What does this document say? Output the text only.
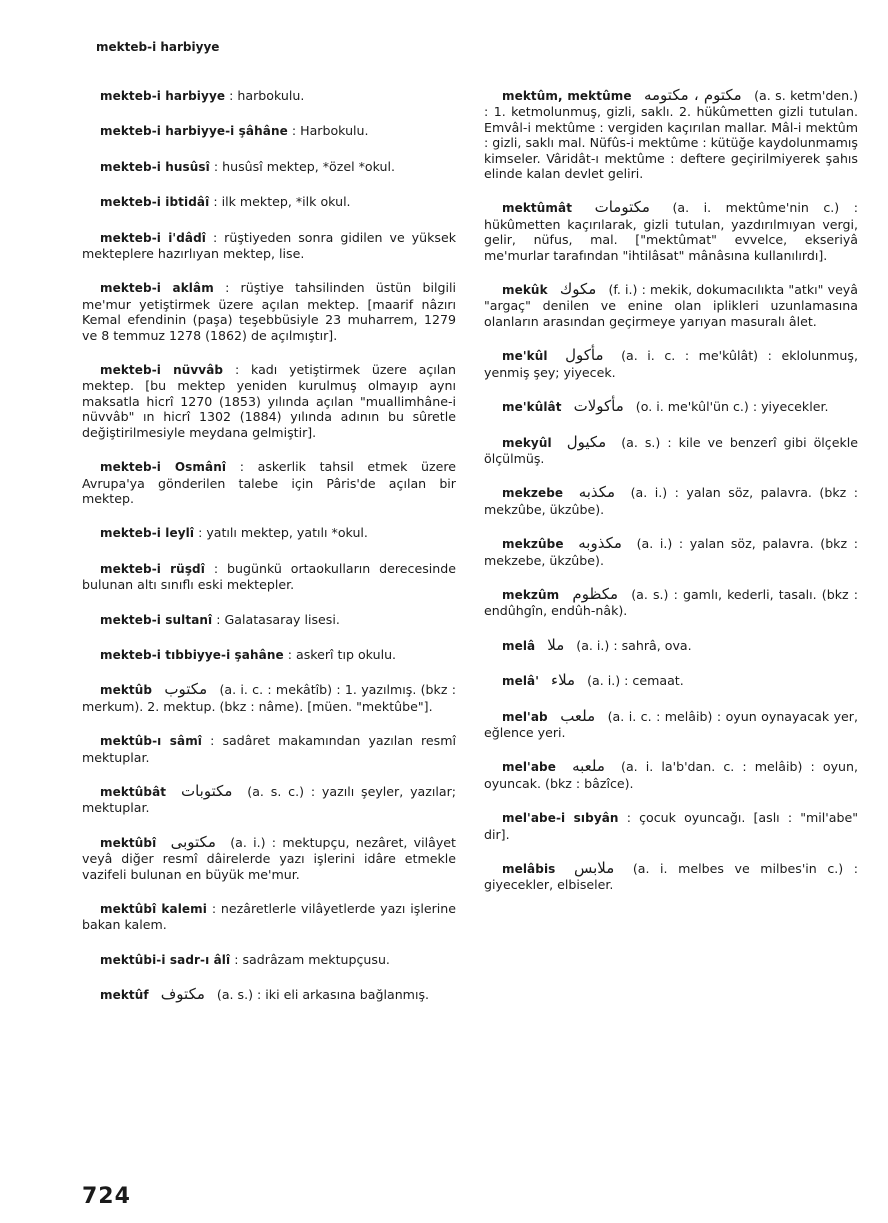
mekteb-i harbiyye

mekteb-i harbiyye : harbokulu.

mekteb-i harbiyye-i şâhâne : Harbokulu.

mekteb-i husûsî : husûsî mektep, *özel *okul.

mekteb-i ibtidâî : ilk mektep, *ilk okul.

mekteb-i i'dâdî : rüştiyeden sonra gidilen ve yüksek mekteplere hazırlıyan mektep, lise.

mekteb-i aklâm : rüştiye tahsilinden üstün bilgili me'mur yetiştirmek üzere açılan mektep. [maarif nâzırı Kemal efendinin (paşa) teşebbüsiyle 23 muharrem, 1279 ve 8 temmuz 1278 (1862) de açılmıştır].

mekteb-i nüvvâb : kadı yetiştirmek üzere açılan mektep. [bu mektep yeniden kurulmuş olmayıp aynı maksatla hicrî 1270 (1853) yılında açılan "muallimhâne-i nüvvâb" ın hicrî 1302 (1884) yılında adının bu sûretle değiştirilmesiyle meydana gelmiştir].

mekteb-i Osmânî : askerlik tahsil etmek üzere Avrupa'ya gönderilen talebe için Pâris'de açılan bir mektep.

mekteb-i leylî : yatılı mektep, yatılı *okul.

mekteb-i rüşdî : bugünkü ortaokulların derecesinde bulunan altı sınıflı eski mektepler.

mekteb-i sultanî : Galatasaray lisesi.

mekteb-i tıbbiyye-i şahâne : askerî tıp okulu.

mektûb مکتوب (a. i. c. : mekâtîb) : 1. yazılmış. (bkz : merkum). 2. mektup. (bkz : nâme). [müen. "mektûbe"].

mektûb-ı sâmî : sadâret makamından yazılan resmî mektuplar.

mektûbât مکتوبات (a. s. c.) : yazılı şeyler, yazılar; mektuplar.

mektûbî مکتوبی (a. i.) : mektupçu, nezâret, vilâyet veyâ diğer resmî dâirelerde yazı işlerini idâre etmekle vazifeli bulunan en büyük me'mur.

mektûbî kalemi : nezâretlerle vilâyetlerde yazı işlerine bakan kalem.

mektûbi-i sadr-ı âlî : sadrâzam mektupçusu.

mektûf مکتوف (a. s.) : iki eli arkasına bağlanmış.

mektûm, mektûme مکتوم ، مکتومه (a. s. ketm'den.) : 1. ketmolunmuş, gizli, saklı. 2. hükûmetten gizli tutulan. Emvâl-i mektûme : vergiden kaçırılan mallar. Mâl-i mektûm : gizli, saklı mal. Nüfûs-i mektûme : kütüğe kaydolunmamış kimseler. Vâridât-ı mektûme : deftere geçirilmiyerek şahıs elinde kalan devlet geliri.

mektûmât مکتومات (a. i. mektûme'nin c.) : hükûmetten kaçırılarak, gizli tutulan, yazdırılmıyan vergi, gelir, nüfus, mal. ["mektûmat" evvelce, ekseriyâ me'murlar tarafından "ihtilâsat" mânâsına kullanılırdı].

mekûk مکوك (f. i.) : mekik, dokumacılıkta "atkı" veyâ "argaç" denilen ve enine olan iplikleri uzunlamasına olanların arasından geçirmeye yarıyan masuralı âlet.

me'kûl مأکول (a. i. c. : me'kûlât) : eklolunmuş, yenmiş şey; yiyecek.

me'kûlât مأکولات (o. i. me'kûl'ün c.) : yiyecekler.

mekyûl مکیول (a. s.) : kile ve benzerî gibi ölçekle ölçülmüş.

mekzebe مکذبه (a. i.) : yalan söz, palavra. (bkz : mekzûbe, ükzûbe).

mekzûbe مکذوبه (a. i.) : yalan söz, palavra. (bkz : mekzebe, ükzûbe).

mekzûm مکظوم (a. s.) : gamlı, kederli, tasalı. (bkz : endûhgîn, endûh-nâk).

melâ ملا (a. i.) : sahrâ, ova.

melâ' ملاء (a. i.) : cemaat.

mel'ab ملعب (a. i. c. : melâib) : oyun oynayacak yer, eğlence yeri.

mel'abe ملعبه (a. i. la'b'dan. c. : melâib) : oyun, oyuncak. (bkz : bâzîce).

mel'abe-i sıbyân : çocuk oyuncağı. [aslı : "mil'abe" dir].

melâbis ملابس (a. i. melbes ve milbes'in c.) : giyecekler, elbiseler.

724
